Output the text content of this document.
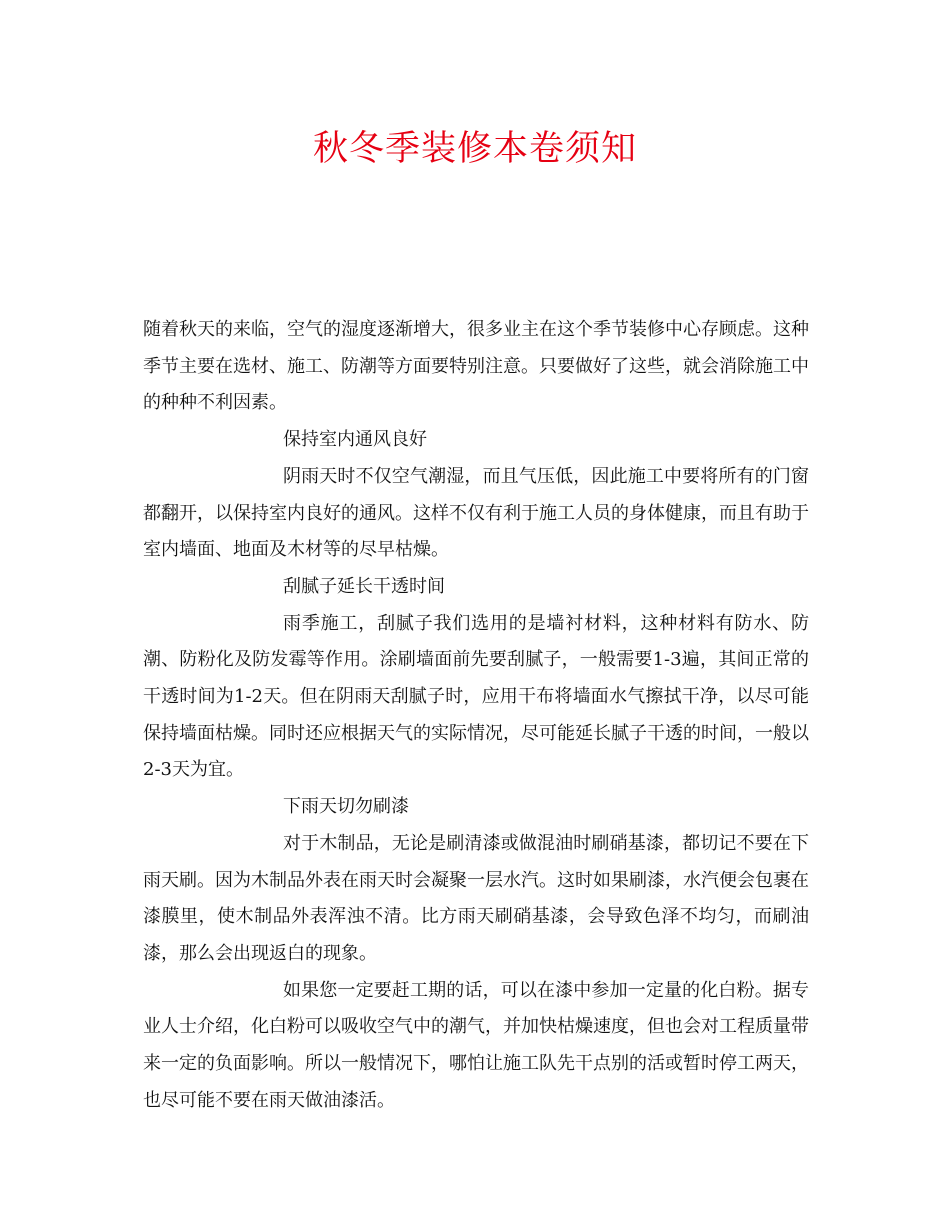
秋冬季装修本卷须知

随着秋天的来临，空气的湿度逐渐增大，很多业主在这个季节装修中心存顾虑。这种季节主要在选材、施工、防潮等方面要特别注意。只要做好了这些，就会消除施工中的种种不利因素。

保持室内通风良好

阴雨天时不仅空气潮湿，而且气压低，因此施工中要将所有的门窗都翻开，以保持室内良好的通风。这样不仅有利于施工人员的身体健康，而且有助于室内墙面、地面及木材等的尽早枯燥。

刮腻子延长干透时间

雨季施工，刮腻子我们选用的是墙衬材料，这种材料有防水、防潮、防粉化及防发霉等作用。涂刷墙面前先要刮腻子，一般需要1-3遍，其间正常的干透时间为1-2天。但在阴雨天刮腻子时，应用干布将墙面水气擦拭干净，以尽可能保持墙面枯燥。同时还应根据天气的实际情况，尽可能延长腻子干透的时间，一般以2-3天为宜。

下雨天切勿刷漆

对于木制品，无论是刷清漆或做混油时刷硝基漆，都切记不要在下雨天刷。因为木制品外表在雨天时会凝聚一层水汽。这时如果刷漆，水汽便会包裹在漆膜里，使木制品外表浑浊不清。比方雨天刷硝基漆，会导致色泽不均匀，而刷油漆，那么会出现返白的现象。

如果您一定要赶工期的话，可以在漆中参加一定量的化白粉。据专业人士介绍，化白粉可以吸收空气中的潮气，并加快枯燥速度，但也会对工程质量带来一定的负面影响。所以一般情况下，哪怕让施工队先干点别的活或暂时停工两天，也尽可能不要在雨天做油漆活。
